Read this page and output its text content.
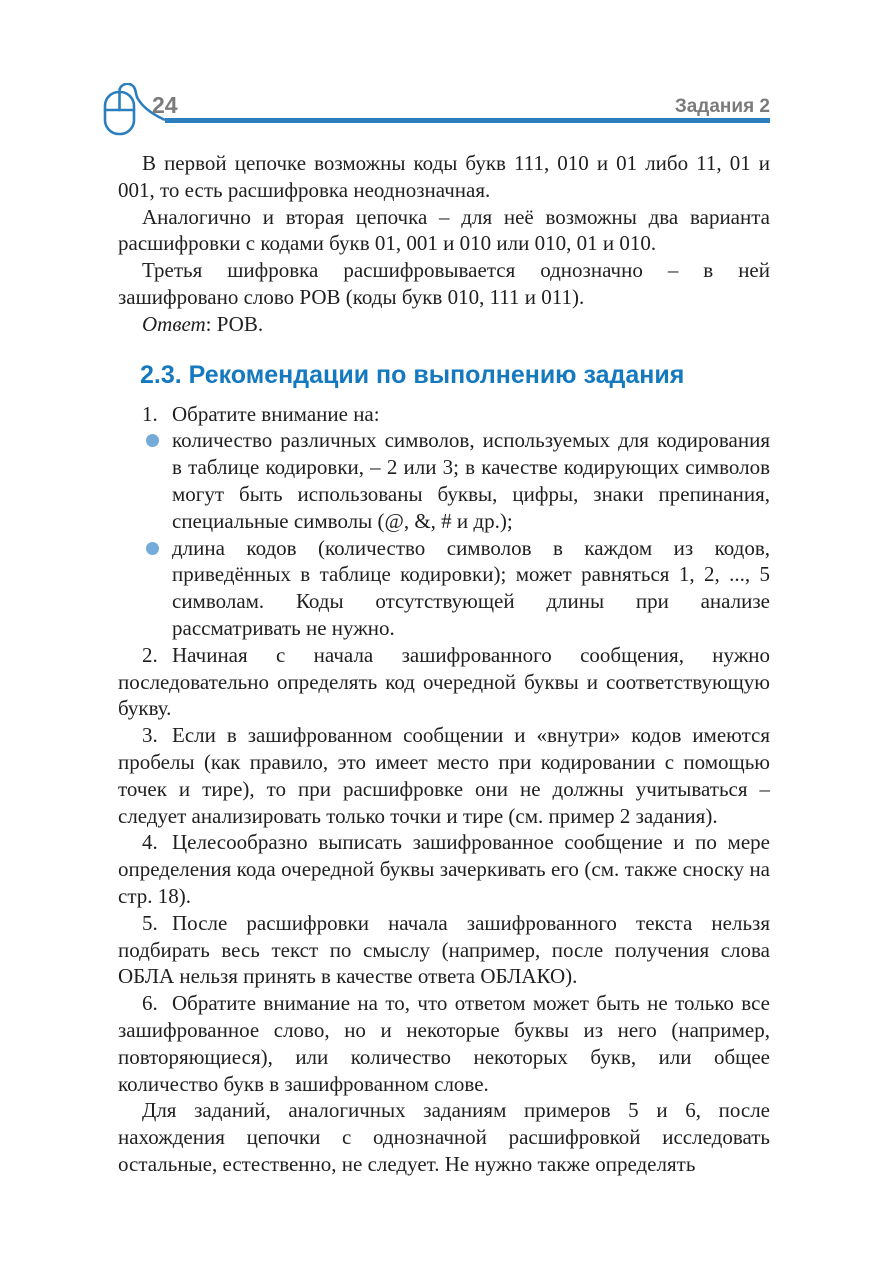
24	Задания 2

В первой цепочке возможны коды букв 111, 010 и 01 либо 11, 01 и 001, то есть расшифровка неоднозначная.

Аналогично и вторая цепочка – для неё возможны два варианта расшифровки с кодами букв 01, 001 и 010 или 010, 01 и 010.

Третья шифровка расшифровывается однозначно – в ней зашифровано слово РОВ (коды букв 010, 111 и 011).

Ответ: РОВ.

2.3. Рекомендации по выполнению задания

1. Обратите внимание на:

количество различных символов, используемых для кодирования в таблице кодировки, – 2 или 3; в качестве кодирующих символов могут быть использованы буквы, цифры, знаки препинания, специальные символы (@, &, # и др.);
длина кодов (количество символов в каждом из кодов, приведённых в таблице кодировки); может равняться 1, 2, ..., 5 символам. Коды отсутствующей длины при анализе рассматривать не нужно.

2. Начиная с начала зашифрованного сообщения, нужно последовательно определять код очередной буквы и соответствующую букву.

3. Если в зашифрованном сообщении и «внутри» кодов имеются пробелы (как правило, это имеет место при кодировании с помощью точек и тире), то при расшифровке они не должны учитываться – следует анализировать только точки и тире (см. пример 2 задания).

4. Целесообразно выписать зашифрованное сообщение и по мере определения кода очередной буквы зачеркивать его (см. также сноску на стр. 18).

5. После расшифровки начала зашифрованного текста нельзя подбирать весь текст по смыслу (например, после получения слова ОБЛА нельзя принять в качестве ответа ОБЛАКО).

6. Обратите внимание на то, что ответом может быть не только все зашифрованное слово, но и некоторые буквы из него (например, повторяющиеся), или количество некоторых букв, или общее количество букв в зашифрованном слове.

Для заданий, аналогичных заданиям примеров 5 и 6, после нахождения цепочки с однозначной расшифровкой исследовать остальные, естественно, не следует. Не нужно также определять
